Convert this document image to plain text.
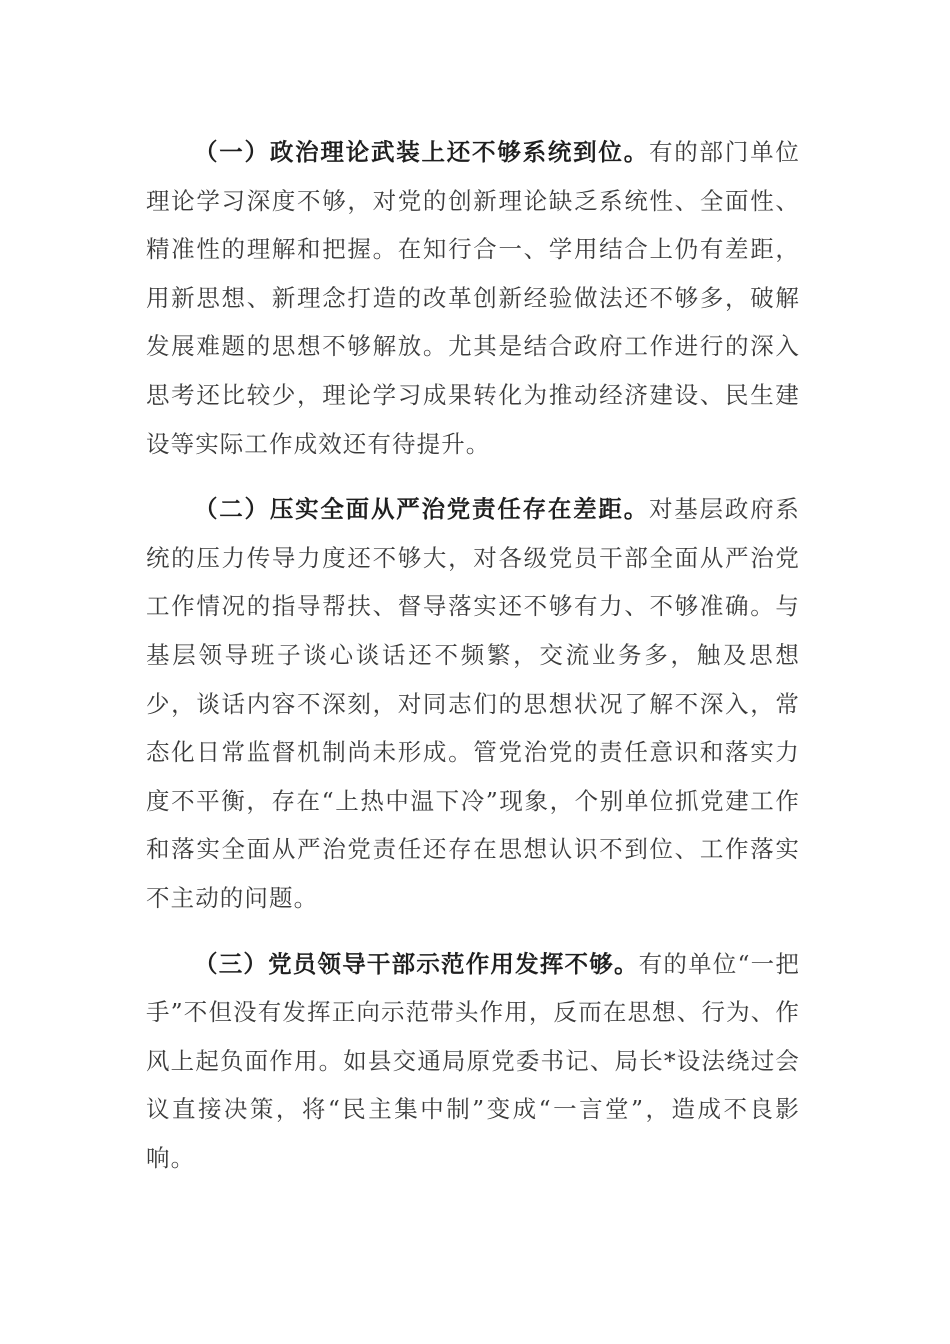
（一）政治理论武装上还不够系统到位。有的部门单位理论学习深度不够，对党的创新理论缺乏系统性、全面性、精准性的理解和把握。在知行合一、学用结合上仍有差距，用新思想、新理念打造的改革创新经验做法还不够多，破解发展难题的思想不够解放。尤其是结合政府工作进行的深入思考还比较少，理论学习成果转化为推动经济建设、民生建设等实际工作成效还有待提升。

（二）压实全面从严治党责任存在差距。对基层政府系统的压力传导力度还不够大，对各级党员干部全面从严治党工作情况的指导帮扶、督导落实还不够有力、不够准确。与基层领导班子谈心谈话还不频繁，交流业务多，触及思想少，谈话内容不深刻，对同志们的思想状况了解不深入，常态化日常监督机制尚未形成。管党治党的责任意识和落实力度不平衡，存在“上热中温下冷”现象，个别单位抓党建工作和落实全面从严治党责任还存在思想认识不到位、工作落实不主动的问题。

（三）党员领导干部示范作用发挥不够。有的单位“一把手”不但没有发挥正向示范带头作用，反而在思想、行为、作风上起负面作用。如县交通局原党委书记、局长*设法绕过会议直接决策，将“民主集中制”变成“一言堂”，造成不良影响。
